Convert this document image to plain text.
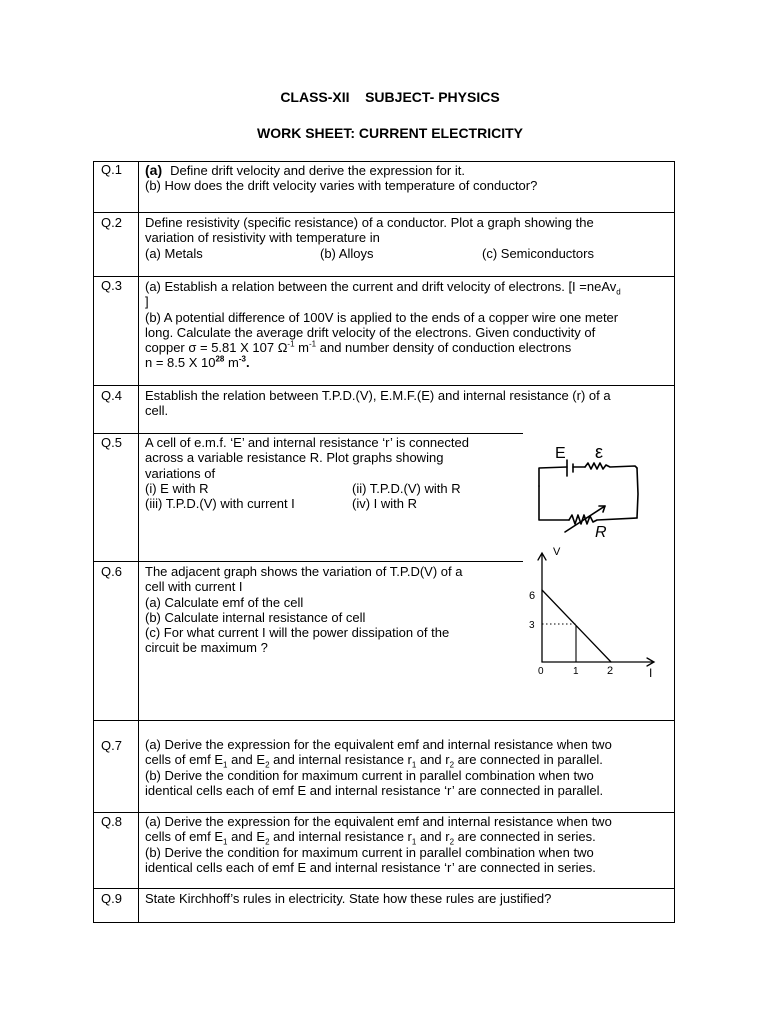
CLASS-XII    SUBJECT- PHYSICS
WORK SHEET: CURRENT ELECTRICITY
Q.1 (a) Define drift velocity and derive the expression for it.
(b) How does the drift velocity varies with temperature of conductor?
Q.2 Define resistivity (specific resistance) of a conductor. Plot a graph showing the
variation of resistivity with temperature in
(a) Metals	(b) Alloys	(c) Semiconductors
Q.3 (a) Establish a relation between the current and drift velocity of electrons. [I =neAv$_d$
]
(b) A potential difference of 100V is applied to the ends of a copper wire one meter
long. Calculate the average drift velocity of the electrons. Given conductivity of
copper σ = 5.81 X 107 $\Omega^{-1}$ $m^{-1}$ and number density of conduction electrons
n = 8.5 X $10^{28}$ $m^{-3}$.
Q.4 Establish the relation between T.P.D.(V), E.M.F.(E) and internal resistance (r) of a
cell.
Q.5 A cell of e.m.f. ‘E’ and internal resistance ‘r’ is connected
across a variable resistance R. Plot graphs showing
variations of
(i) E with R	(ii) T.P.D.(V) with R
(iii) T.P.D.(V) with current I	(iv) I with R
E ε
R
Q.6 The adjacent graph shows the variation of T.P.D(V) of a
cell with current I
(a) Calculate emf of the cell
(b) Calculate internal resistance of cell
(c) For what current I will the power dissipation of the
circuit be maximum ?
V
I
6
3
0	1	2
Q.7 (a) Derive the expression for the equivalent emf and internal resistance when two
cells of emf $E_1$ and $E_2$ and internal resistance $r_1$ and $r_2$ are connected in parallel.
(b) Derive the condition for maximum current in parallel combination when two
identical cells each of emf E and internal resistance ‘r’ are connected in parallel.
Q.8 (a) Derive the expression for the equivalent emf and internal resistance when two
cells of emf $E_1$ and $E_2$ and internal resistance $r_1$ and $r_2$ are connected in series.
(b) Derive the condition for maximum current in parallel combination when two
identical cells each of emf E and internal resistance ‘r’ are connected in series.
Q.9 State Kirchhoff’s rules in electricity. State how these rules are justified?
